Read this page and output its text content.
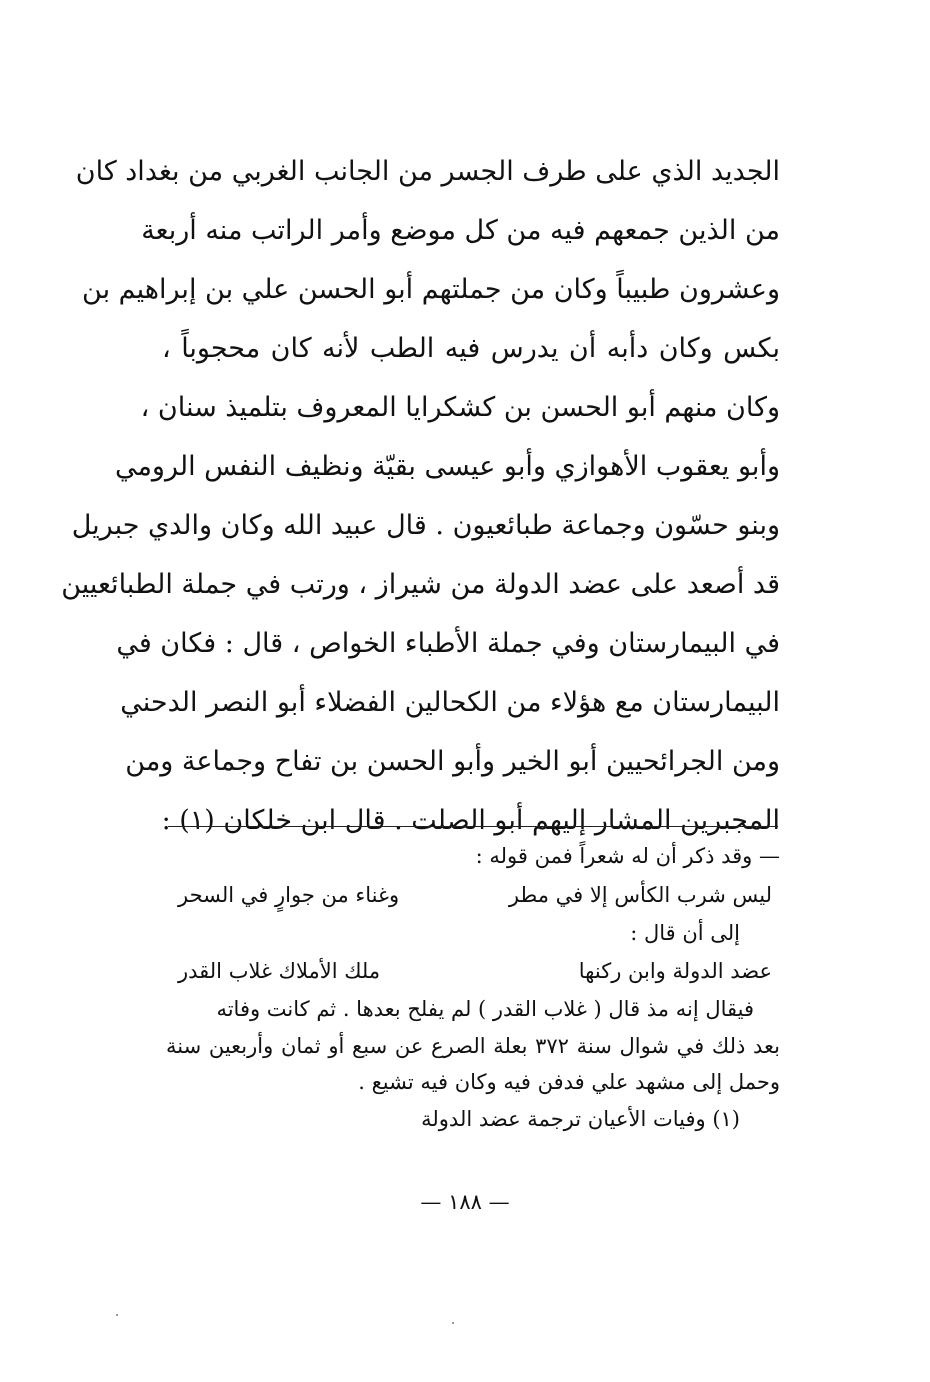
الجديد الذي على طرف الجسر من الجانب الغربي من بغداد كان
من الذين جمعهم فيه من كل موضع وأمر الراتب منه أربعة
وعشرون طبيباً وكان من جملتهم أبو الحسن علي بن إبراهيم بن
بكس وكان دأبه أن يدرس فيه الطب لأنه كان محجوباً ،
وكان منهم أبو الحسن بن كشكرايا المعروف بتلميذ سنان ،
وأبو يعقوب الأهوازي وأبو عيسى بقيّة ونظيف النفس الرومي
وبنو حسّون وجماعة طبائعيون . قال عبيد الله وكان والدي جبريل
قد أصعد على عضد الدولة من شيراز ، ورتب في جملة الطبائعيين
في البيمارستان وفي جملة الأطباء الخواص ، قال : فكان في
البيمارستان مع هؤلاء من الكحالين الفضلاء أبو النصر الدحني
ومن الجرائحيين أبو الخير وأبو الحسن بن تفاح وجماعة ومن
المجبرين المشار إليهم أبو الصلت . قال ابن خلكان (١) :
— وقد ذكر أن له شعراً فمن قوله :
ليس شرب الكأس إلا في مطر
وغناء من جوارٍ في السحر
إلى أن قال :
عضد الدولة وابن ركنها
ملك الأملاك غلاب القدر
فيقال إنه مذ قال ( غلاب القدر ) لم يفلح بعدها . ثم كانت وفاته
بعد ذلك في شوال سنة ٣٧٢ بعلة الصرع عن سبع أو ثمان وأربعين سنة
وحمل إلى مشهد علي فدفن فيه وكان فيه تشيع .
(١) وفيات الأعيان ترجمة عضد الدولة
— ١٨٨ —
